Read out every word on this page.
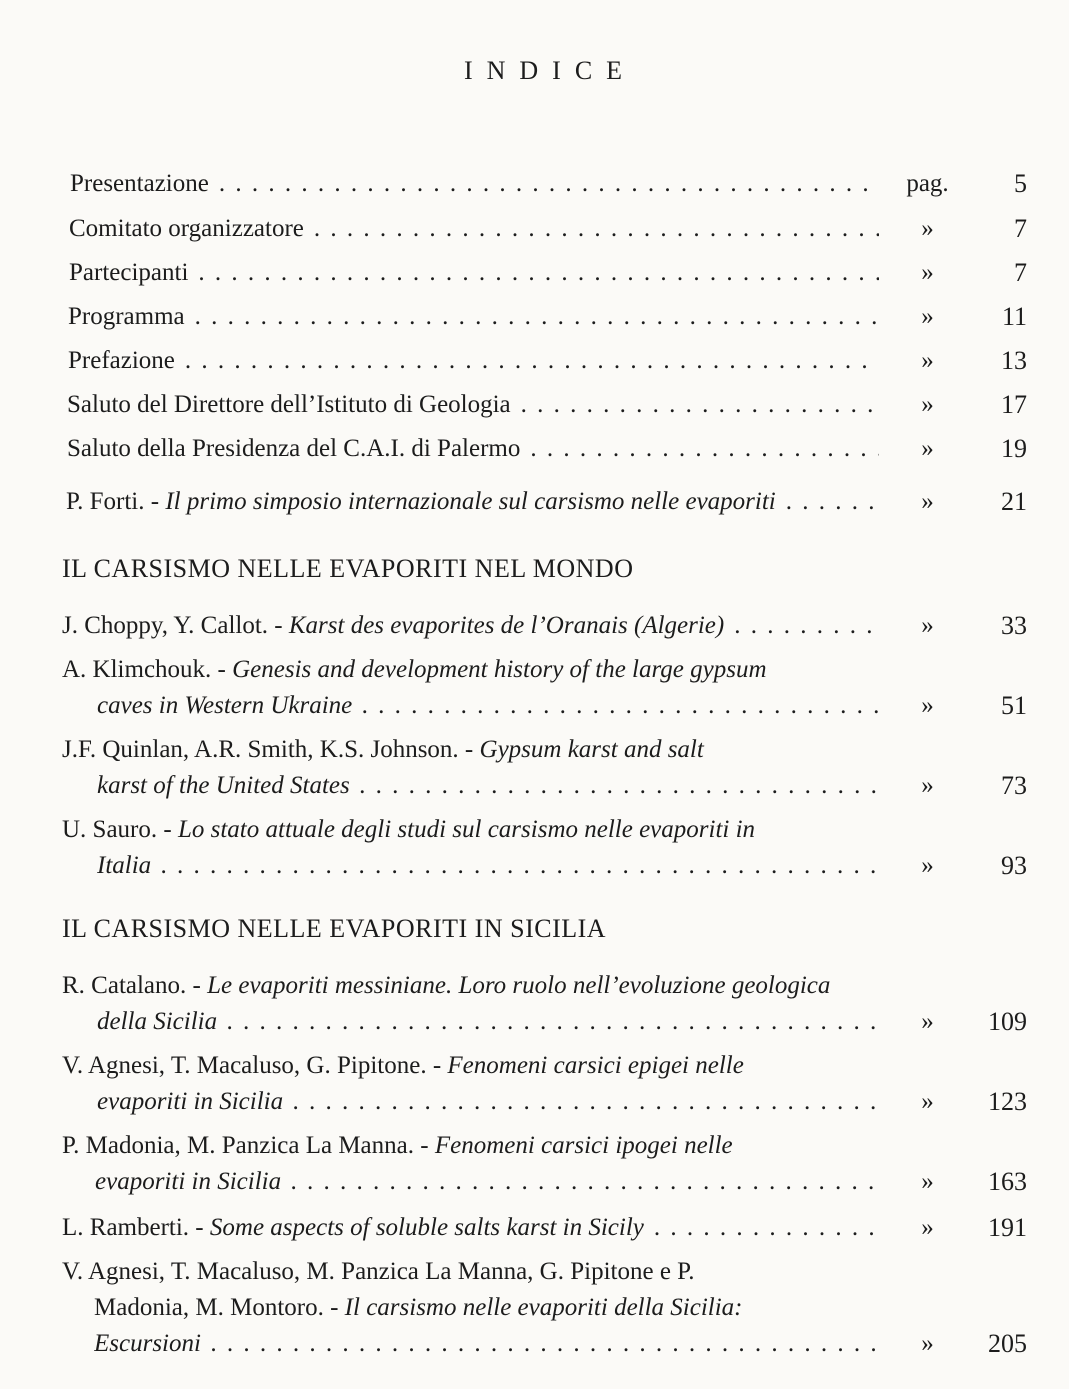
INDICE
Presentazione . . .	pag.	5
Comitato organizzatore . . .	»	7
Partecipanti . . .	»	7
Programma . . .	»	11
Prefazione . . .	»	13
Saluto del Direttore dell’Istituto di Geologia . . .	»	17
Saluto della Presidenza del C.A.I. di Palermo . . .	»	19
P. Forti. - Il primo simposio internazionale sul carsismo nelle evaporiti . . .	»	21
IL CARSISMO NELLE EVAPORITI NEL MONDO
J. Choppy, Y. Callot. - Karst des evaporites de l’Oranais (Algerie) . . .	»	33
A. Klimchouk. - Genesis and development history of the large gypsum
caves in Western Ukraine . . .	»	51
J.F. Quinlan, A.R. Smith, K.S. Johnson. - Gypsum karst and salt
karst of the United States . . .	»	73
U. Sauro. - Lo stato attuale degli studi sul carsismo nelle evaporiti in
Italia . . .	»	93
IL CARSISMO NELLE EVAPORITI IN SICILIA
R. Catalano. - Le evaporiti messiniane. Loro ruolo nell’evoluzione geologica
della Sicilia . . .	»	109
V. Agnesi, T. Macaluso, G. Pipitone. - Fenomeni carsici epigei nelle
evaporiti in Sicilia . . .	»	123
P. Madonia, M. Panzica La Manna. - Fenomeni carsici ipogei nelle
evaporiti in Sicilia . . .	»	163
L. Ramberti. - Some aspects of soluble salts karst in Sicily . . .	»	191
V. Agnesi, T. Macaluso, M. Panzica La Manna, G. Pipitone e P.
Madonia, M. Montoro. - Il carsismo nelle evaporiti della Sicilia:
Escursioni . . .	»	205
